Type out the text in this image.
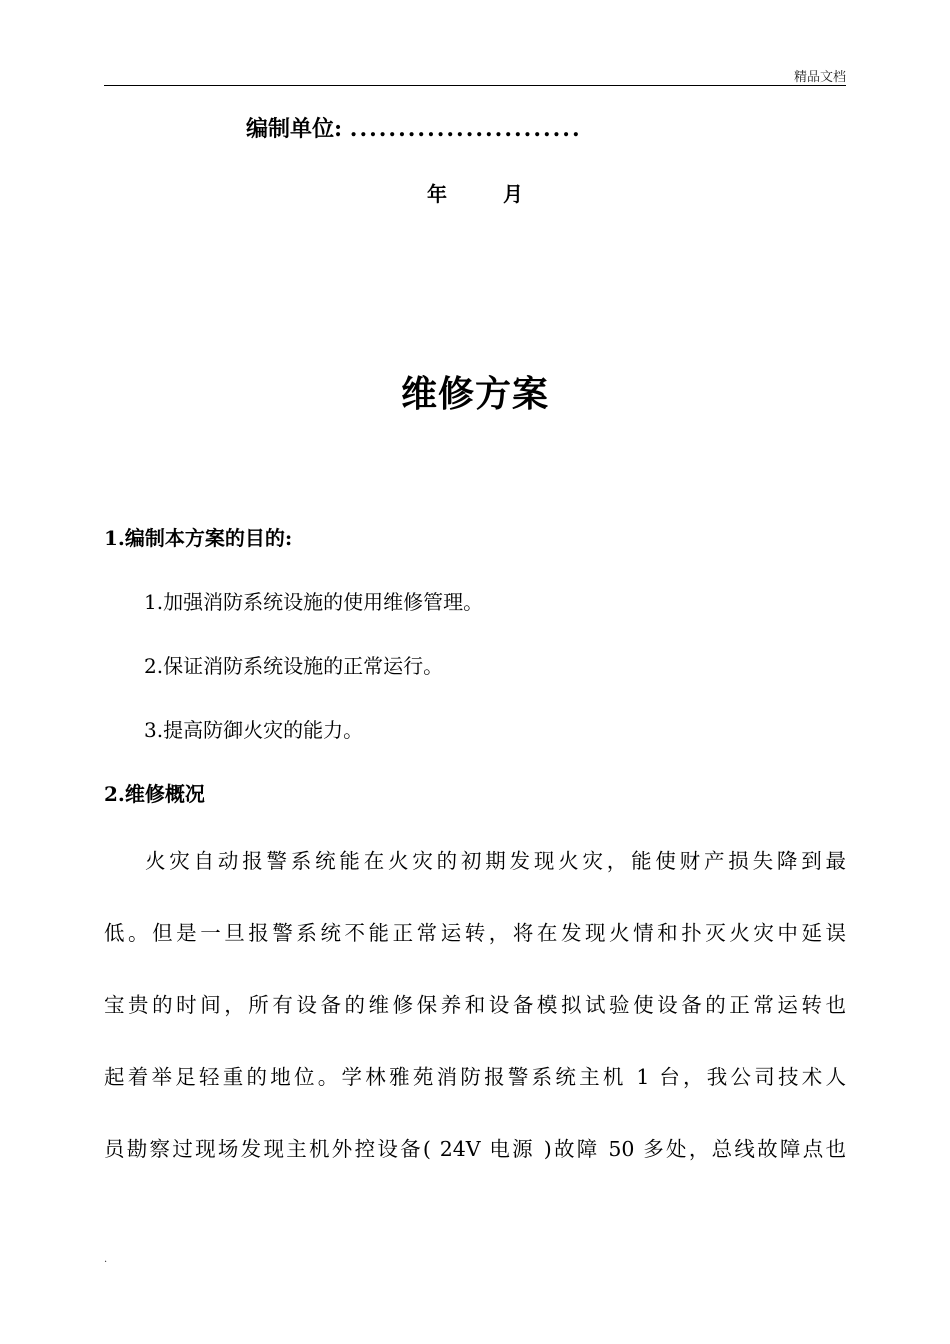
精品文档
编制单位: ........................
年	月
维修方案
1.编制本方案的目的:
1.加强消防系统设施的使用维修管理。
2.保证消防系统设施的正常运行。
3.提高防御火灾的能力。
2.维修概况
火灾自动报警系统能在火灾的初期发现火灾，能使财产损失降到最
低。但是一旦报警系统不能正常运转，将在发现火情和扑灭火灾中延误
宝贵的时间，所有设备的维修保养和设备模拟试验使设备的正常运转也
起着举足轻重的地位。学林雅苑消防报警系统主机 1 台，我公司技术人
员勘察过现场发现主机外控设备( 24V 电源 )故障 50 多处，总线故障点也
.
